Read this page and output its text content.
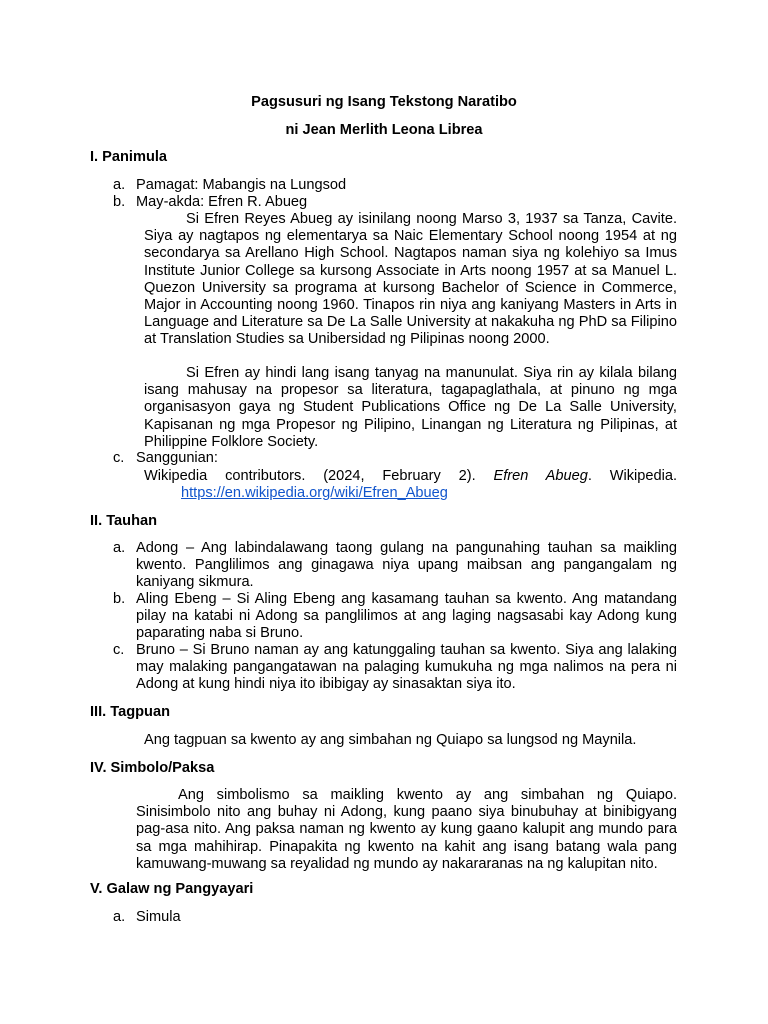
Pagsusuri ng Isang Tekstong Naratibo
ni Jean Merlith Leona Librea
I. Panimula
a. Pamagat: Mabangis na Lungsod
b. May-akda: Efren R. Abueg
Si Efren Reyes Abueg ay isinilang noong Marso 3, 1937 sa Tanza, Cavite. Siya ay nagtapos ng elementarya sa Naic Elementary School noong 1954 at ng secondarya sa Arellano High School. Nagtapos naman siya ng kolehiyo sa Imus Institute Junior College sa kursong Associate in Arts noong 1957 at sa Manuel L. Quezon University sa programa at kursong Bachelor of Science in Commerce, Major in Accounting noong 1960. Tinapos rin niya ang kaniyang Masters in Arts in Language and Literature sa De La Salle University at nakakuha ng PhD sa Filipino at Translation Studies sa Unibersidad ng Pilipinas noong 2000.
Si Efren ay hindi lang isang tanyag na manunulat. Siya rin ay kilala bilang isang mahusay na propesor sa literatura, tagapaglathala, at pinuno ng mga organisasyon gaya ng Student Publications Office ng De La Salle University, Kapisanan ng mga Propesor ng Pilipino, Linangan ng Literatura ng Pilipinas, at Philippine Folklore Society.
c. Sanggunian:
Wikipedia contributors. (2024, February 2). Efren Abueg. Wikipedia.
https://en.wikipedia.org/wiki/Efren_Abueg
II. Tauhan
a. Adong – Ang labindalawang taong gulang na pangunahing tauhan sa maikling kwento. Panglilimos ang ginagawa niya upang maibsan ang pangangalam ng kaniyang sikmura.
b. Aling Ebeng – Si Aling Ebeng ang kasamang tauhan sa kwento. Ang matandang pilay na katabi ni Adong sa panglilimos at ang laging nagsasabi kay Adong kung paparating naba si Bruno.
c. Bruno – Si Bruno naman ay ang katunggaling tauhan sa kwento. Siya ang lalaking may malaking pangangatawan na palaging kumukuha ng mga nalimos na pera ni Adong at kung hindi niya ito ibibigay ay sinasaktan siya ito.
III. Tagpuan
Ang tagpuan sa kwento ay ang simbahan ng Quiapo sa lungsod ng Maynila.
IV. Simbolo/Paksa
Ang simbolismo sa maikling kwento ay ang simbahan ng Quiapo. Sinisimbolo nito ang buhay ni Adong, kung paano siya binubuhay at binibigyang pag-asa nito. Ang paksa naman ng kwento ay kung gaano kalupit ang mundo para sa mga mahihirap. Pinapakita ng kwento na kahit ang isang batang wala pang kamuwang-muwang sa reyalidad ng mundo ay nakararanas na ng kalupitan nito.
V. Galaw ng Pangyayari
a. Simula
